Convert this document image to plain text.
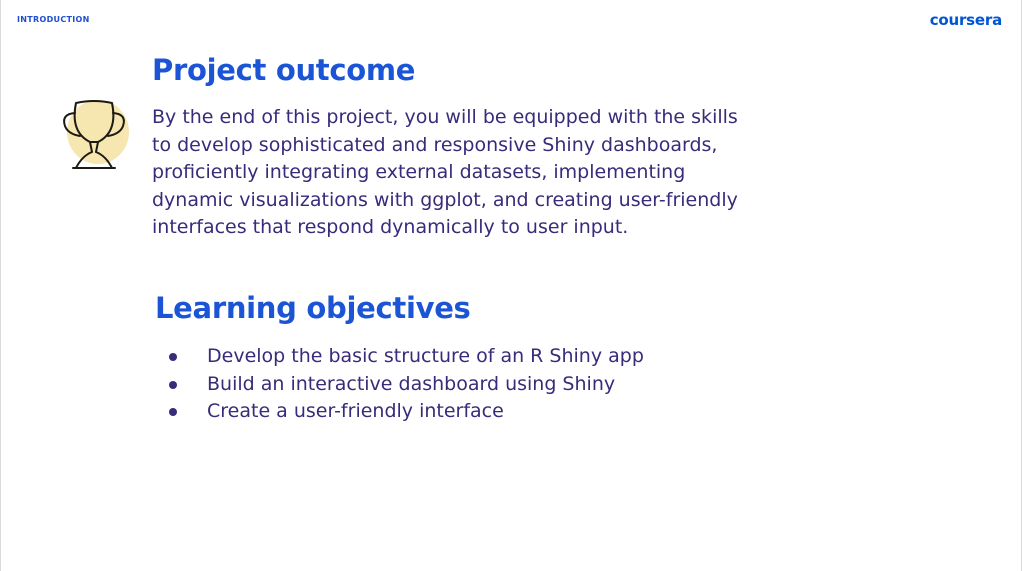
INTRODUCTION	coursera
Project outcome

By the end of this project, you will be equipped with the skills to develop sophisticated and responsive Shiny dashboards, proficiently integrating external datasets, implementing dynamic visualizations with ggplot, and creating user-friendly interfaces that respond dynamically to user input.

Learning objectives
Develop the basic structure of an R Shiny app
Build an interactive dashboard using Shiny
Create a user-friendly interface
